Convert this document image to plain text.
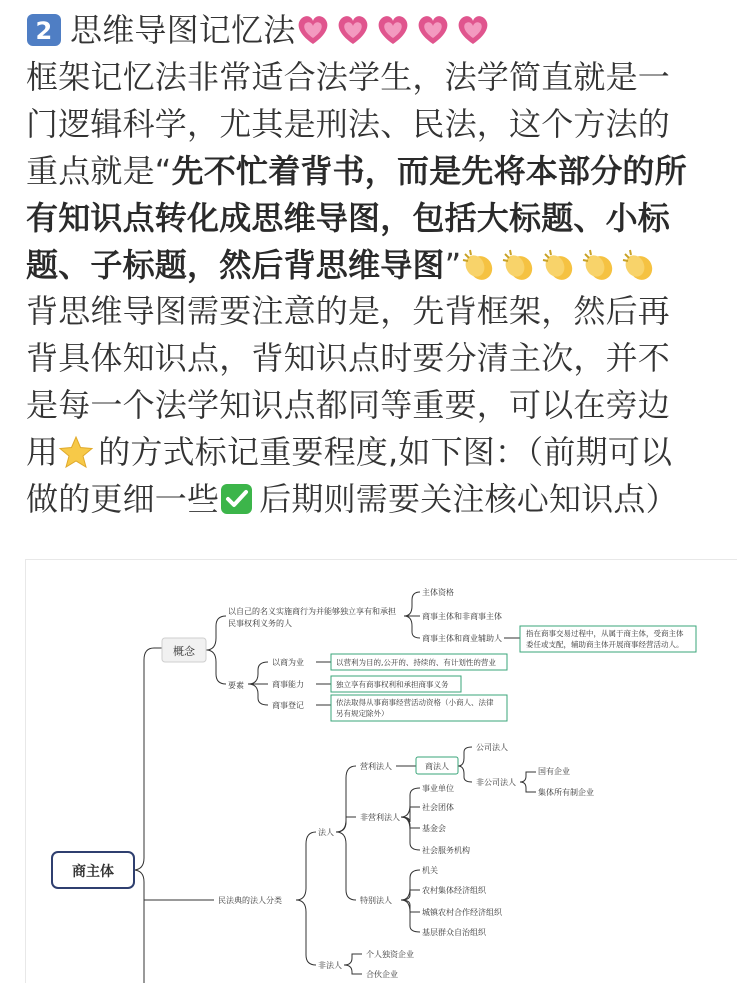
2 思维导图记忆法
框架记忆法非常适合法学生，法学简直就是一
门逻辑科学，尤其是刑法、民法，这个方法的
重点就是“先不忙着背书，而是先将本部分的所
有知识点转化成思维导图，包括大标题、小标
题、子标题，然后背思维导图”
背思维导图需要注意的是，先背框架，然后再
背具体知识点，背知识点时要分清主次，并不
是每一个法学知识点都同等重要，可以在旁边
用 的方式标记重要程度,如下图：（前期可以
做的更细一些 后期则需要关注核心知识点）
商主体
概念
以自己的名义实施商行为并能够独立享有和承担
民事权利义务的人
主体资格
商事主体和非商事主体
商事主体和商业辅助人
指在商事交易过程中，从属于商主体，受商主体
委任或支配，辅助商主体开展商事经营活动人。
要素
以商为业	以营利为目的,公开的、持续的、有计划性的营业
商事能力	独立享有商事权利和承担商事义务
商事登记	依法取得从事商事经营活动资格（小商人、法律
另有规定除外）
民法典的法人分类
法人
营利法人	商法人
公司法人
非公司法人
国有企业
集体所有制企业
非营利法人
事业单位
社会团体
基金会
社会服务机构
特别法人
机关
农村集体经济组织
城镇农村合作经济组织
基层群众自治组织
非法人
个人独资企业
合伙企业
